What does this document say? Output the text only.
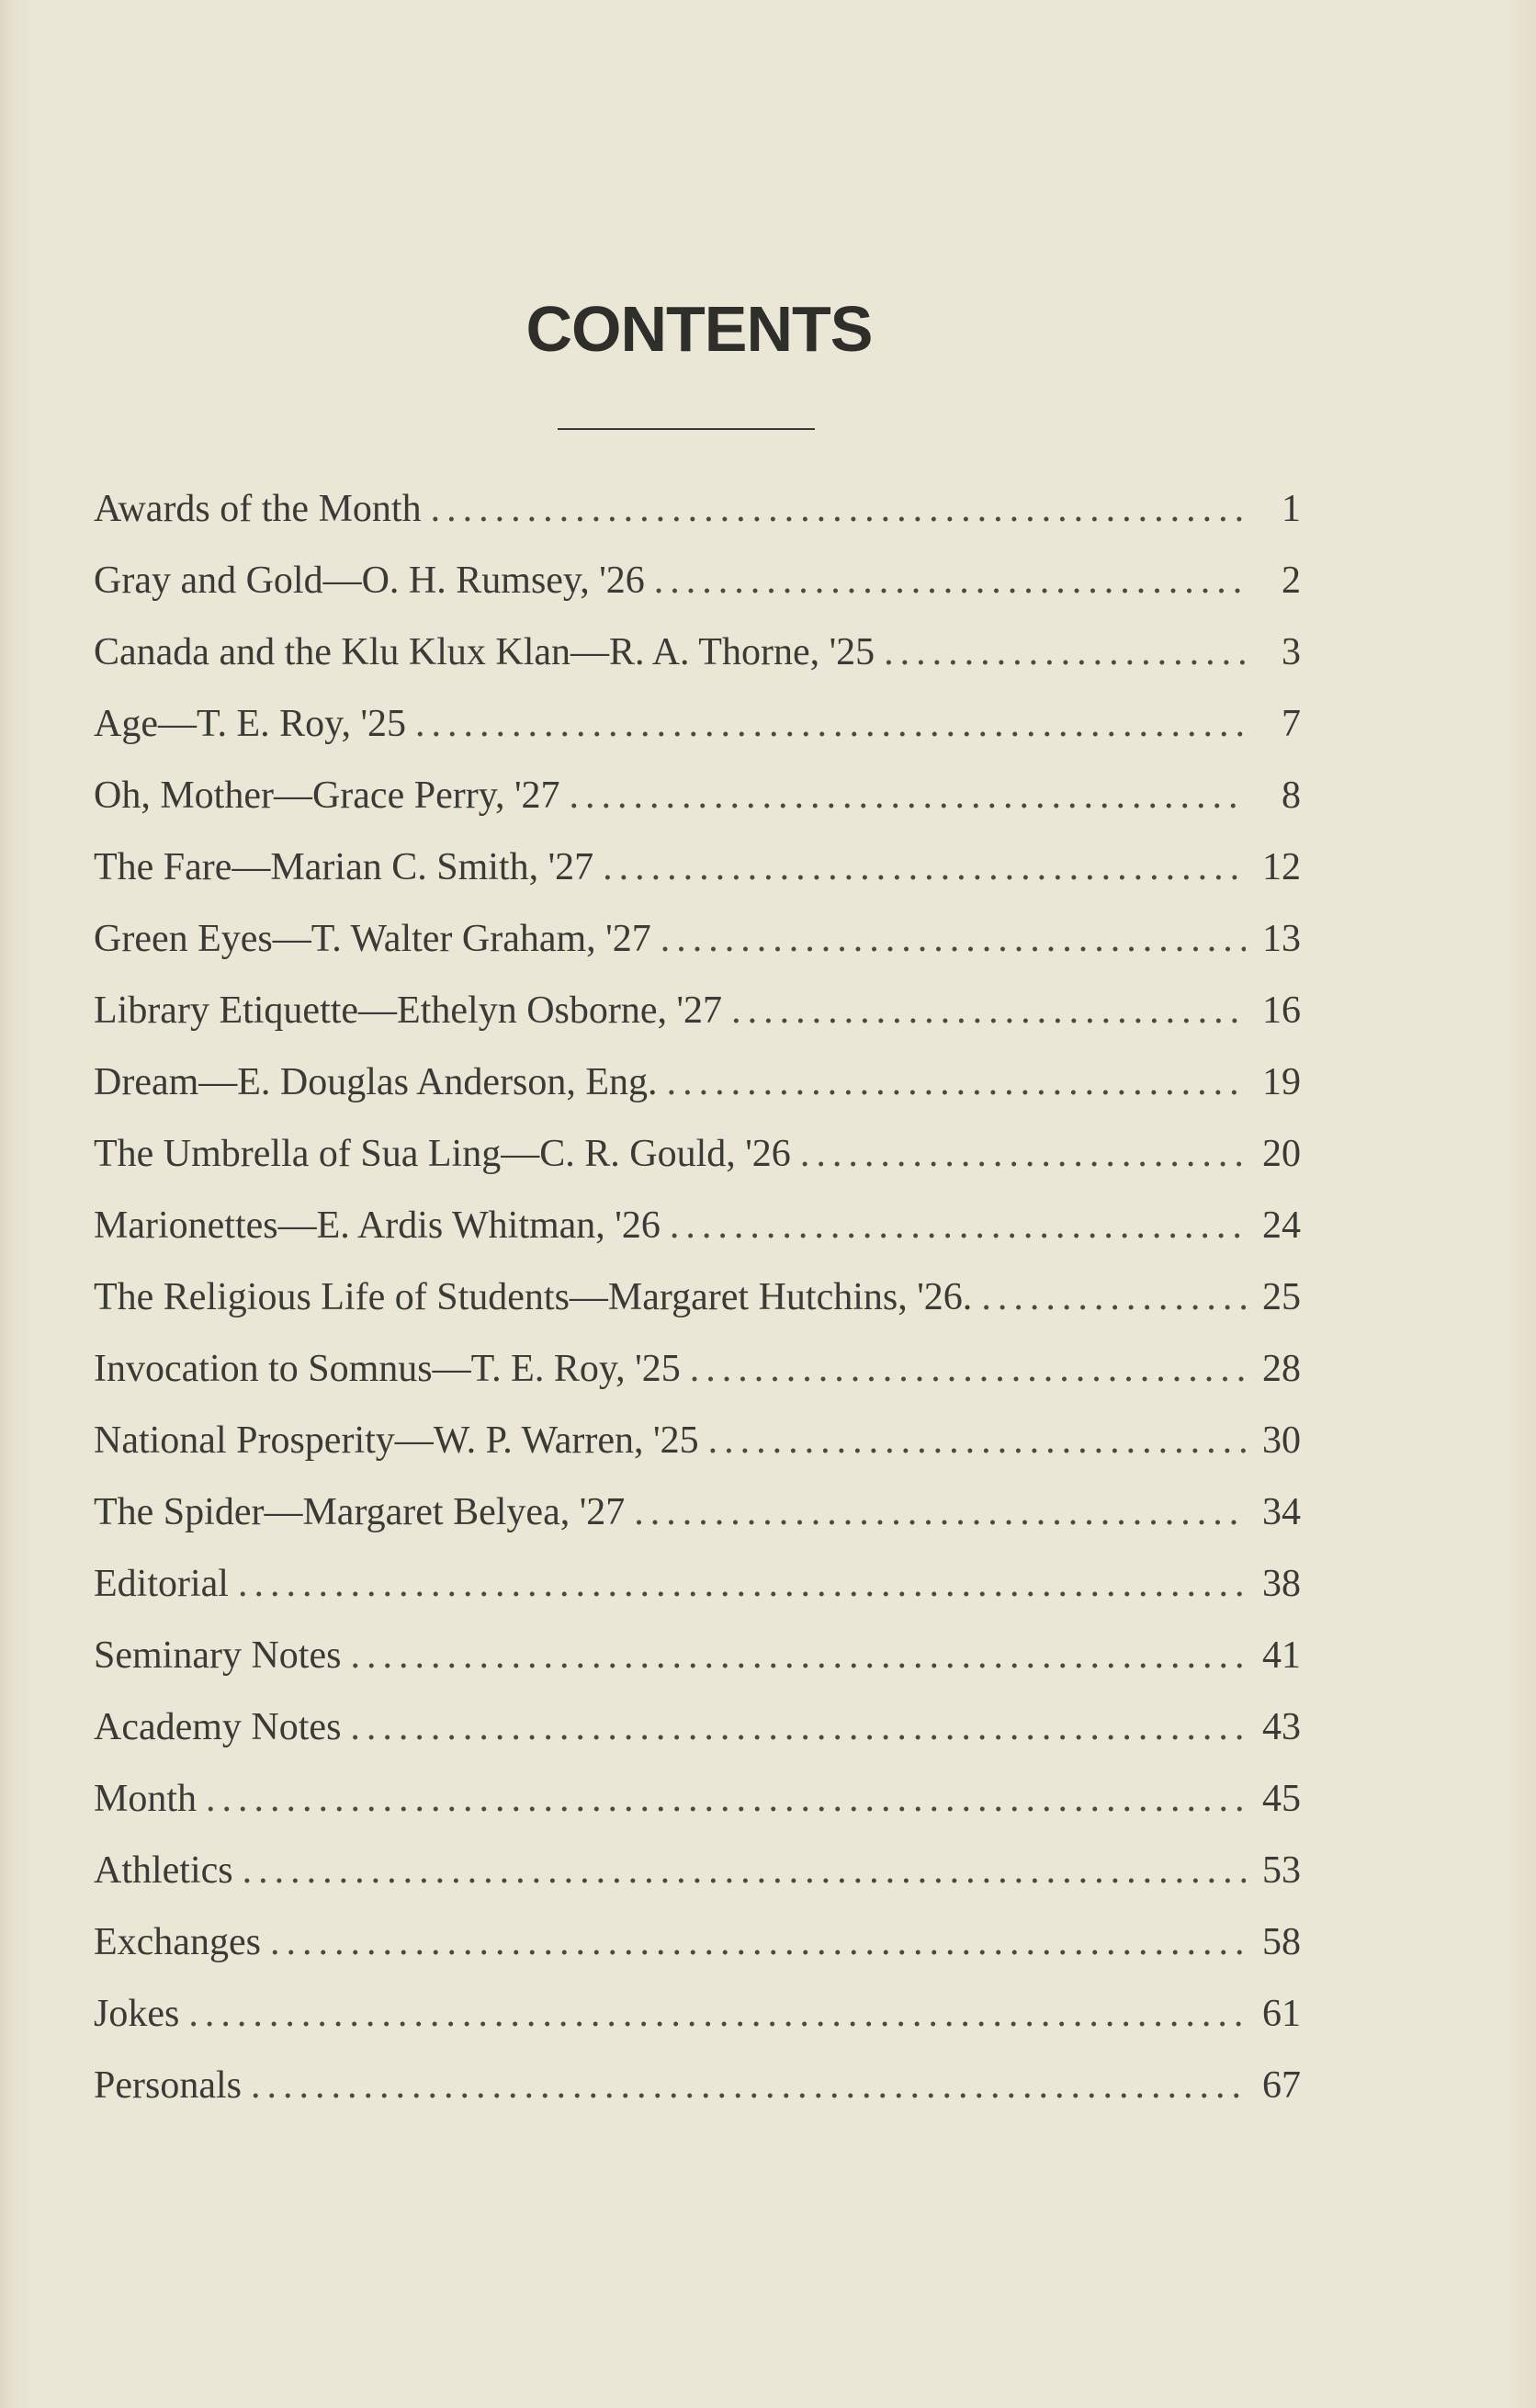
CONTENTS
Awards of the Month .....	1
Gray and Gold—O. H. Rumsey, '26 .....	2
Canada and the Klu Klux Klan—R. A. Thorne, '25 .....	3
Age—T. E. Roy, '25 .....	7
Oh, Mother—Grace Perry, '27 .....	8
The Fare—Marian C. Smith, '27 .....	12
Green Eyes—T. Walter Graham, '27 .....	13
Library Etiquette—Ethelyn Osborne, '27 .....	16
Dream—E. Douglas Anderson, Eng. .....	19
The Umbrella of Sua Ling—C. R. Gould, '26 .....	20
Marionettes—E. Ardis Whitman, '26 .....	24
The Religious Life of Students—Margaret Hutchins, '26. .....	25
Invocation to Somnus—T. E. Roy, '25 .....	28
National Prosperity—W. P. Warren, '25 .....	30
The Spider—Margaret Belyea, '27 .....	34
Editorial .....	38
Seminary Notes .....	41
Academy Notes .....	43
Month .....	45
Athletics .....	53
Exchanges .....	58
Jokes .....	61
Personals .....	67
